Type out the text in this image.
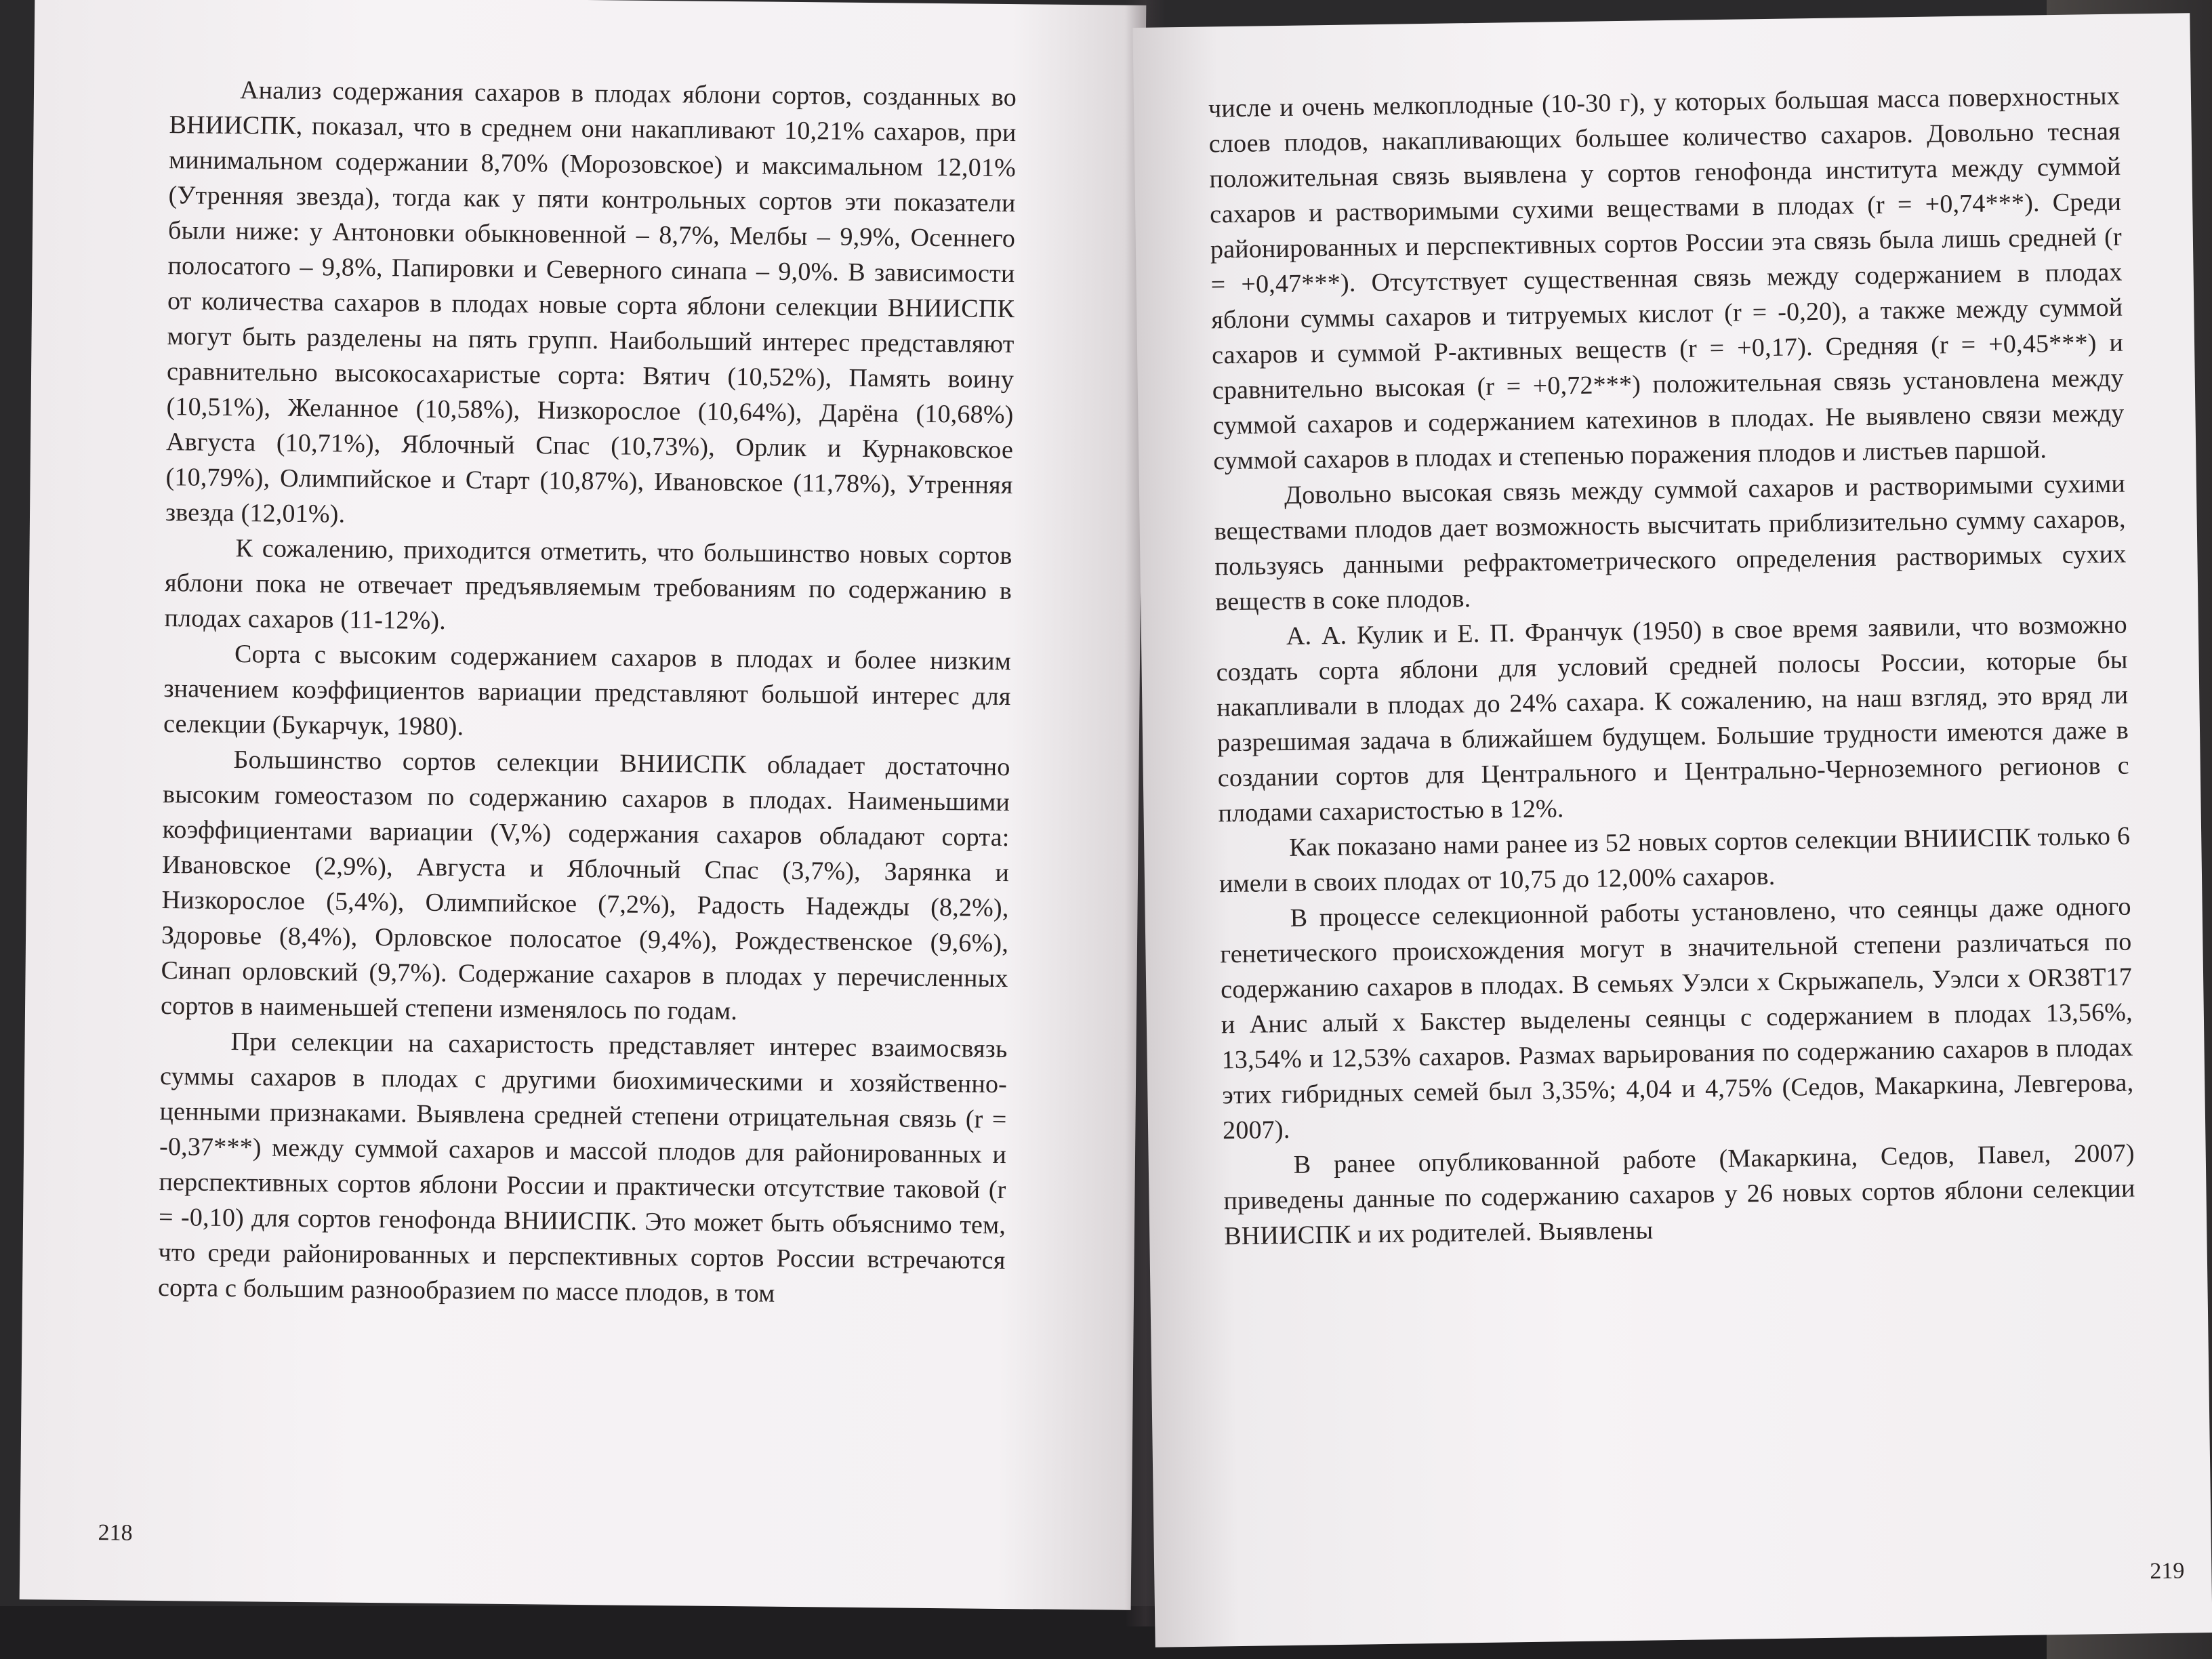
Анализ содержания сахаров в плодах яблони сортов, созданных во ВНИИСПК, показал, что в среднем они накапливают 10,21% сахаров, при минимальном содержании 8,70% (Морозовское) и максимальном 12,01% (Утренняя звезда), тогда как у пяти контрольных сортов эти показатели были ниже: у Антоновки обыкновенной – 8,7%, Мелбы – 9,9%, Осеннего полосатого – 9,8%, Папировки и Северного синапа – 9,0%. В зависимости от количества сахаров в плодах новые сорта яблони селекции ВНИИСПК могут быть разделены на пять групп. Наибольший интерес представляют сравнительно высокосахаристые сорта: Вятич (10,52%), Память воину (10,51%), Желанное (10,58%), Низкорослое (10,64%), Дарёна (10,68%) Августа (10,71%), Яблочный Спас (10,73%), Орлик и Курнаковское (10,79%), Олимпийское и Старт (10,87%), Ивановское (11,78%), Утренняя звезда (12,01%).

К сожалению, приходится отметить, что большинство новых сортов яблони пока не отвечает предъявляемым требованиям по содержанию в плодах сахаров (11-12%).

Сорта с высоким содержанием сахаров в плодах и более низким значением коэффициентов вариации представляют большой интерес для селекции (Букарчук, 1980).

Большинство сортов селекции ВНИИСПК обладает достаточно высоким гомеостазом по содержанию сахаров в плодах. Наименьшими коэффициентами вариации (V,%) содержания сахаров обладают сорта: Ивановское (2,9%), Августа и Яблочный Спас (3,7%), Зарянка и Низкорослое (5,4%), Олимпийское (7,2%), Радость Надежды (8,2%), Здоровье (8,4%), Орловское полосатое (9,4%), Рождественское (9,6%), Синап орловский (9,7%). Содержание сахаров в плодах у перечисленных сортов в наименьшей степени изменялось по годам.

При селекции на сахаристость представляет интерес взаимосвязь суммы сахаров в плодах с другими биохимическими и хозяйственно-ценными признаками. Выявлена средней степени отрицательная связь (r = -0,37***) между суммой сахаров и массой плодов для районированных и перспективных сортов яблони России и практически отсутствие таковой (r = -0,10) для сортов генофонда ВНИИСПК. Это может быть объяснимо тем, что среди районированных и перспективных сортов России встречаются сорта с большим разнообразием по массе плодов, в том

218

числе и очень мелкоплодные (10-30 г), у которых большая масса поверхностных слоев плодов, накапливающих большее количество сахаров. Довольно тесная положительная связь выявлена у сортов генофонда института между суммой сахаров и растворимыми сухими веществами в плодах (r = +0,74***). Среди районированных и перспективных сортов России эта связь была лишь средней (r = +0,47***). Отсутствует существенная связь между содержанием в плодах яблони суммы сахаров и титруемых кислот (r = -0,20), а также между суммой сахаров и суммой Р-активных веществ (r = +0,17). Средняя (r = +0,45***) и сравнительно высокая (r = +0,72***) положительная связь установлена между суммой сахаров и содержанием катехинов в плодах. Не выявлено связи между суммой сахаров в плодах и степенью поражения плодов и листьев паршой.

Довольно высокая связь между суммой сахаров и растворимыми сухими веществами плодов дает возможность высчитать приблизительно сумму сахаров, пользуясь данными рефрактометрического определения растворимых сухих веществ в соке плодов.

А. А. Кулик и Е. П. Франчук (1950) в свое время заявили, что возможно создать сорта яблони для условий средней полосы России, которые бы накапливали в плодах до 24% сахара. К сожалению, на наш взгляд, это вряд ли разрешимая задача в ближайшем будущем. Большие трудности имеются даже в создании сортов для Центрального и Центрально-Черноземного регионов с плодами сахаристостью в 12%.

Как показано нами ранее из 52 новых сортов селекции ВНИИСПК только 6 имели в своих плодах от 10,75 до 12,00% сахаров.

В процессе селекционной работы установлено, что сеянцы даже одного генетического происхождения могут в значительной степени различаться по содержанию сахаров в плодах. В семьях Уэлси х Скрыжапель, Уэлси х OR38T17 и Анис алый х Бакстер выделены сеянцы с содержанием в плодах 13,56%, 13,54% и 12,53% сахаров. Размах варьирования по содержанию сахаров в плодах этих гибридных семей был 3,35%; 4,04 и 4,75% (Седов, Макаркина, Левгерова, 2007).

В ранее опубликованной работе (Макаркина, Седов, Павел, 2007) приведены данные по содержанию сахаров у 26 новых сортов яблони селекции ВНИИСПК и их родителей. Выявлены

219
